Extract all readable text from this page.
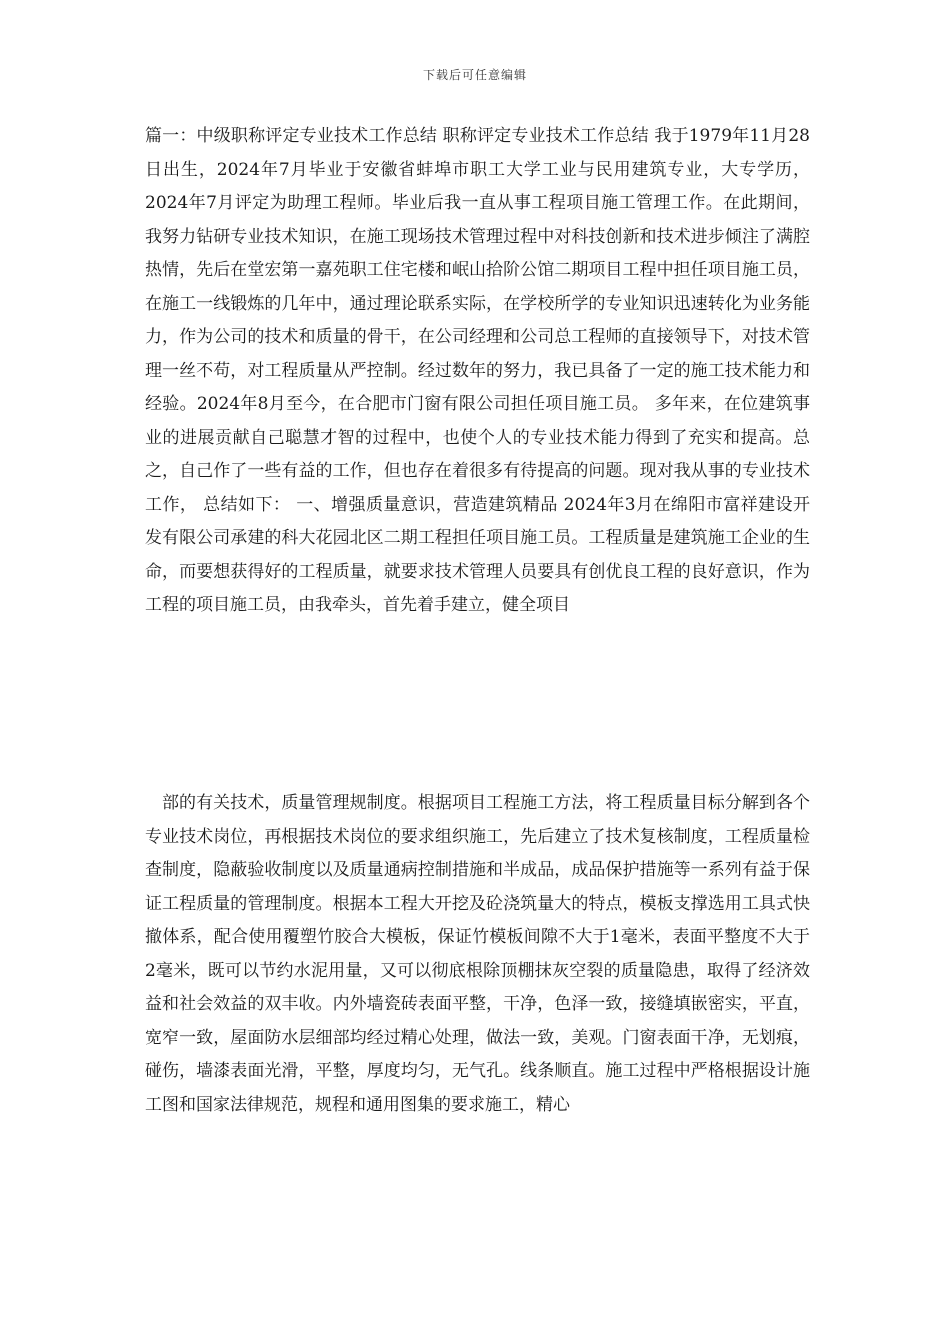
下载后可任意编辑

篇一：中级职称评定专业技术工作总结 职称评定专业技术工作总结 我于1979年11月28日出生，2024年7月毕业于安徽省蚌埠市职工大学工业与民用建筑专业，大专学历，2024年7月评定为助理工程师。毕业后我一直从事工程项目施工管理工作。在此期间，我努力钻研专业技术知识，在施工现场技术管理过程中对科技创新和技术进步倾注了满腔热情，先后在堂宏第一嘉苑职工住宅楼和岷山拾阶公馆二期项目工程中担任项目施工员，在施工一线锻炼的几年中，通过理论联系实际，在学校所学的专业知识迅速转化为业务能力，作为公司的技术和质量的骨干，在公司经理和公司总工程师的直接领导下，对技术管理一丝不苟，对工程质量从严控制。经过数年的努力，我已具备了一定的施工技术能力和经验。2024年8月至今，在合肥市门窗有限公司担任项目施工员。 多年来，在位建筑事业的进展贡献自己聪慧才智的过程中，也使个人的专业技术能力得到了充实和提高。总之，自己作了一些有益的工作，但也存在着很多有待提高的问题。现对我从事的专业技术工作， 总结如下： 一、增强质量意识，营造建筑精品 2024年3月在绵阳市富祥建设开发有限公司承建的科大花园北区二期工程担任项目施工员。工程质量是建筑施工企业的生命，而要想获得好的工程质量，就要求技术管理人员要具有创优良工程的良好意识，作为工程的项目施工员，由我牵头，首先着手建立，健全项目

部的有关技术，质量管理规制度。根据项目工程施工方法，将工程质量目标分解到各个专业技术岗位，再根据技术岗位的要求组织施工，先后建立了技术复核制度，工程质量检查制度，隐蔽验收制度以及质量通病控制措施和半成品，成品保护措施等一系列有益于保证工程质量的管理制度。根据本工程大开挖及砼浇筑量大的特点，模板支撑选用工具式快撤体系，配合使用覆塑竹胶合大模板，保证竹模板间隙不大于1毫米，表面平整度不大于2毫米，既可以节约水泥用量，又可以彻底根除顶棚抹灰空裂的质量隐患，取得了经济效益和社会效益的双丰收。内外墙瓷砖表面平整，干净，色泽一致，接缝填嵌密实，平直，宽窄一致，屋面防水层细部均经过精心处理，做法一致，美观。门窗表面干净，无划痕，碰伤，墙漆表面光滑，平整，厚度均匀，无气孔。线条顺直。施工过程中严格根据设计施工图和国家法律规范，规程和通用图集的要求施工，精心
